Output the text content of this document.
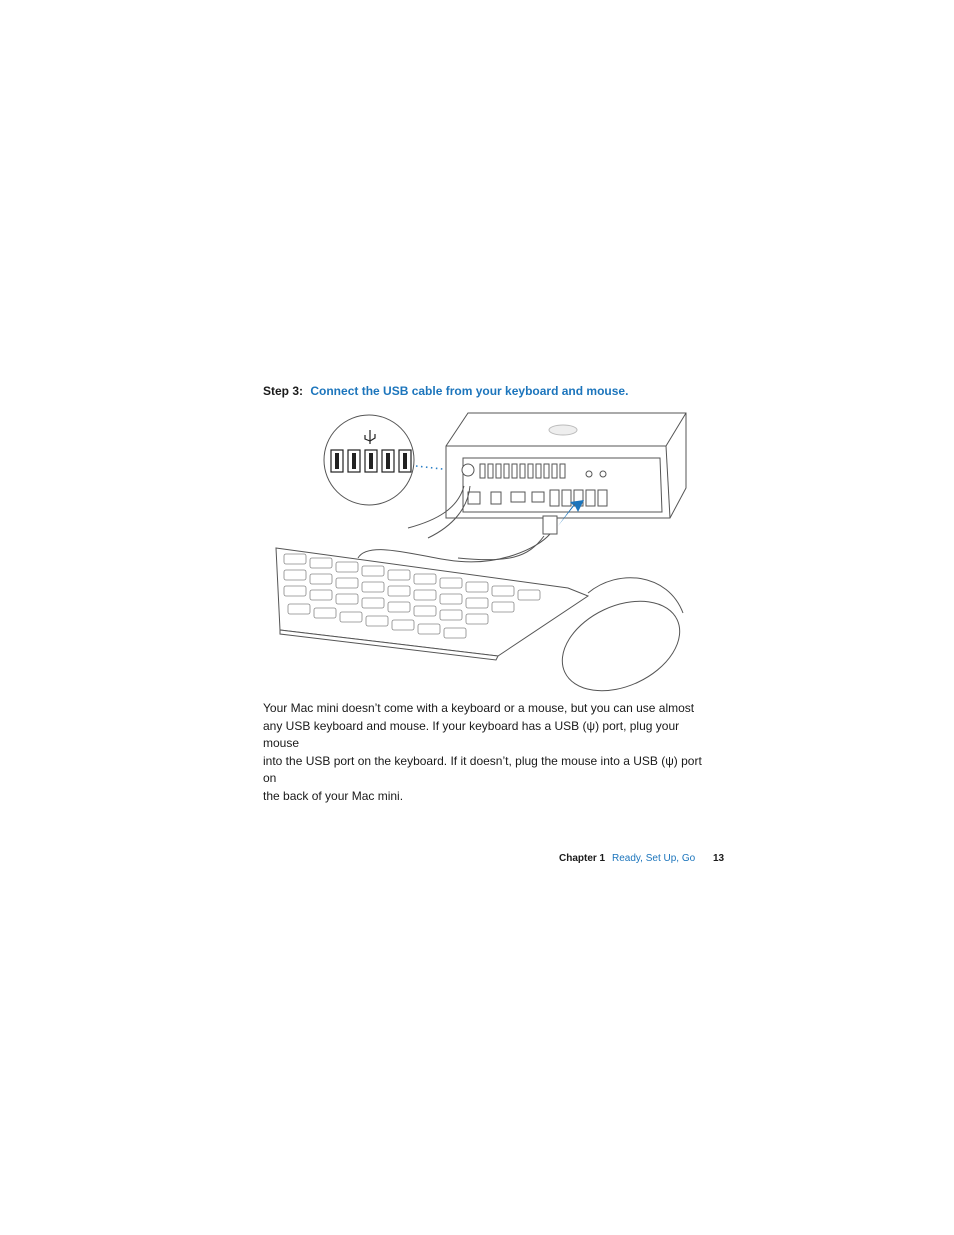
Step 3: Connect the USB cable from your keyboard and mouse.
Your Mac mini doesn’t come with a keyboard or a mouse, but you can use almost
any USB keyboard and mouse. If your keyboard has a USB (ψ) port, plug your mouse
into the USB port on the keyboard. If it doesn’t, plug the mouse into a USB (ψ) port on
the back of your Mac mini.
Chapter 1 Ready, Set Up, Go 13
